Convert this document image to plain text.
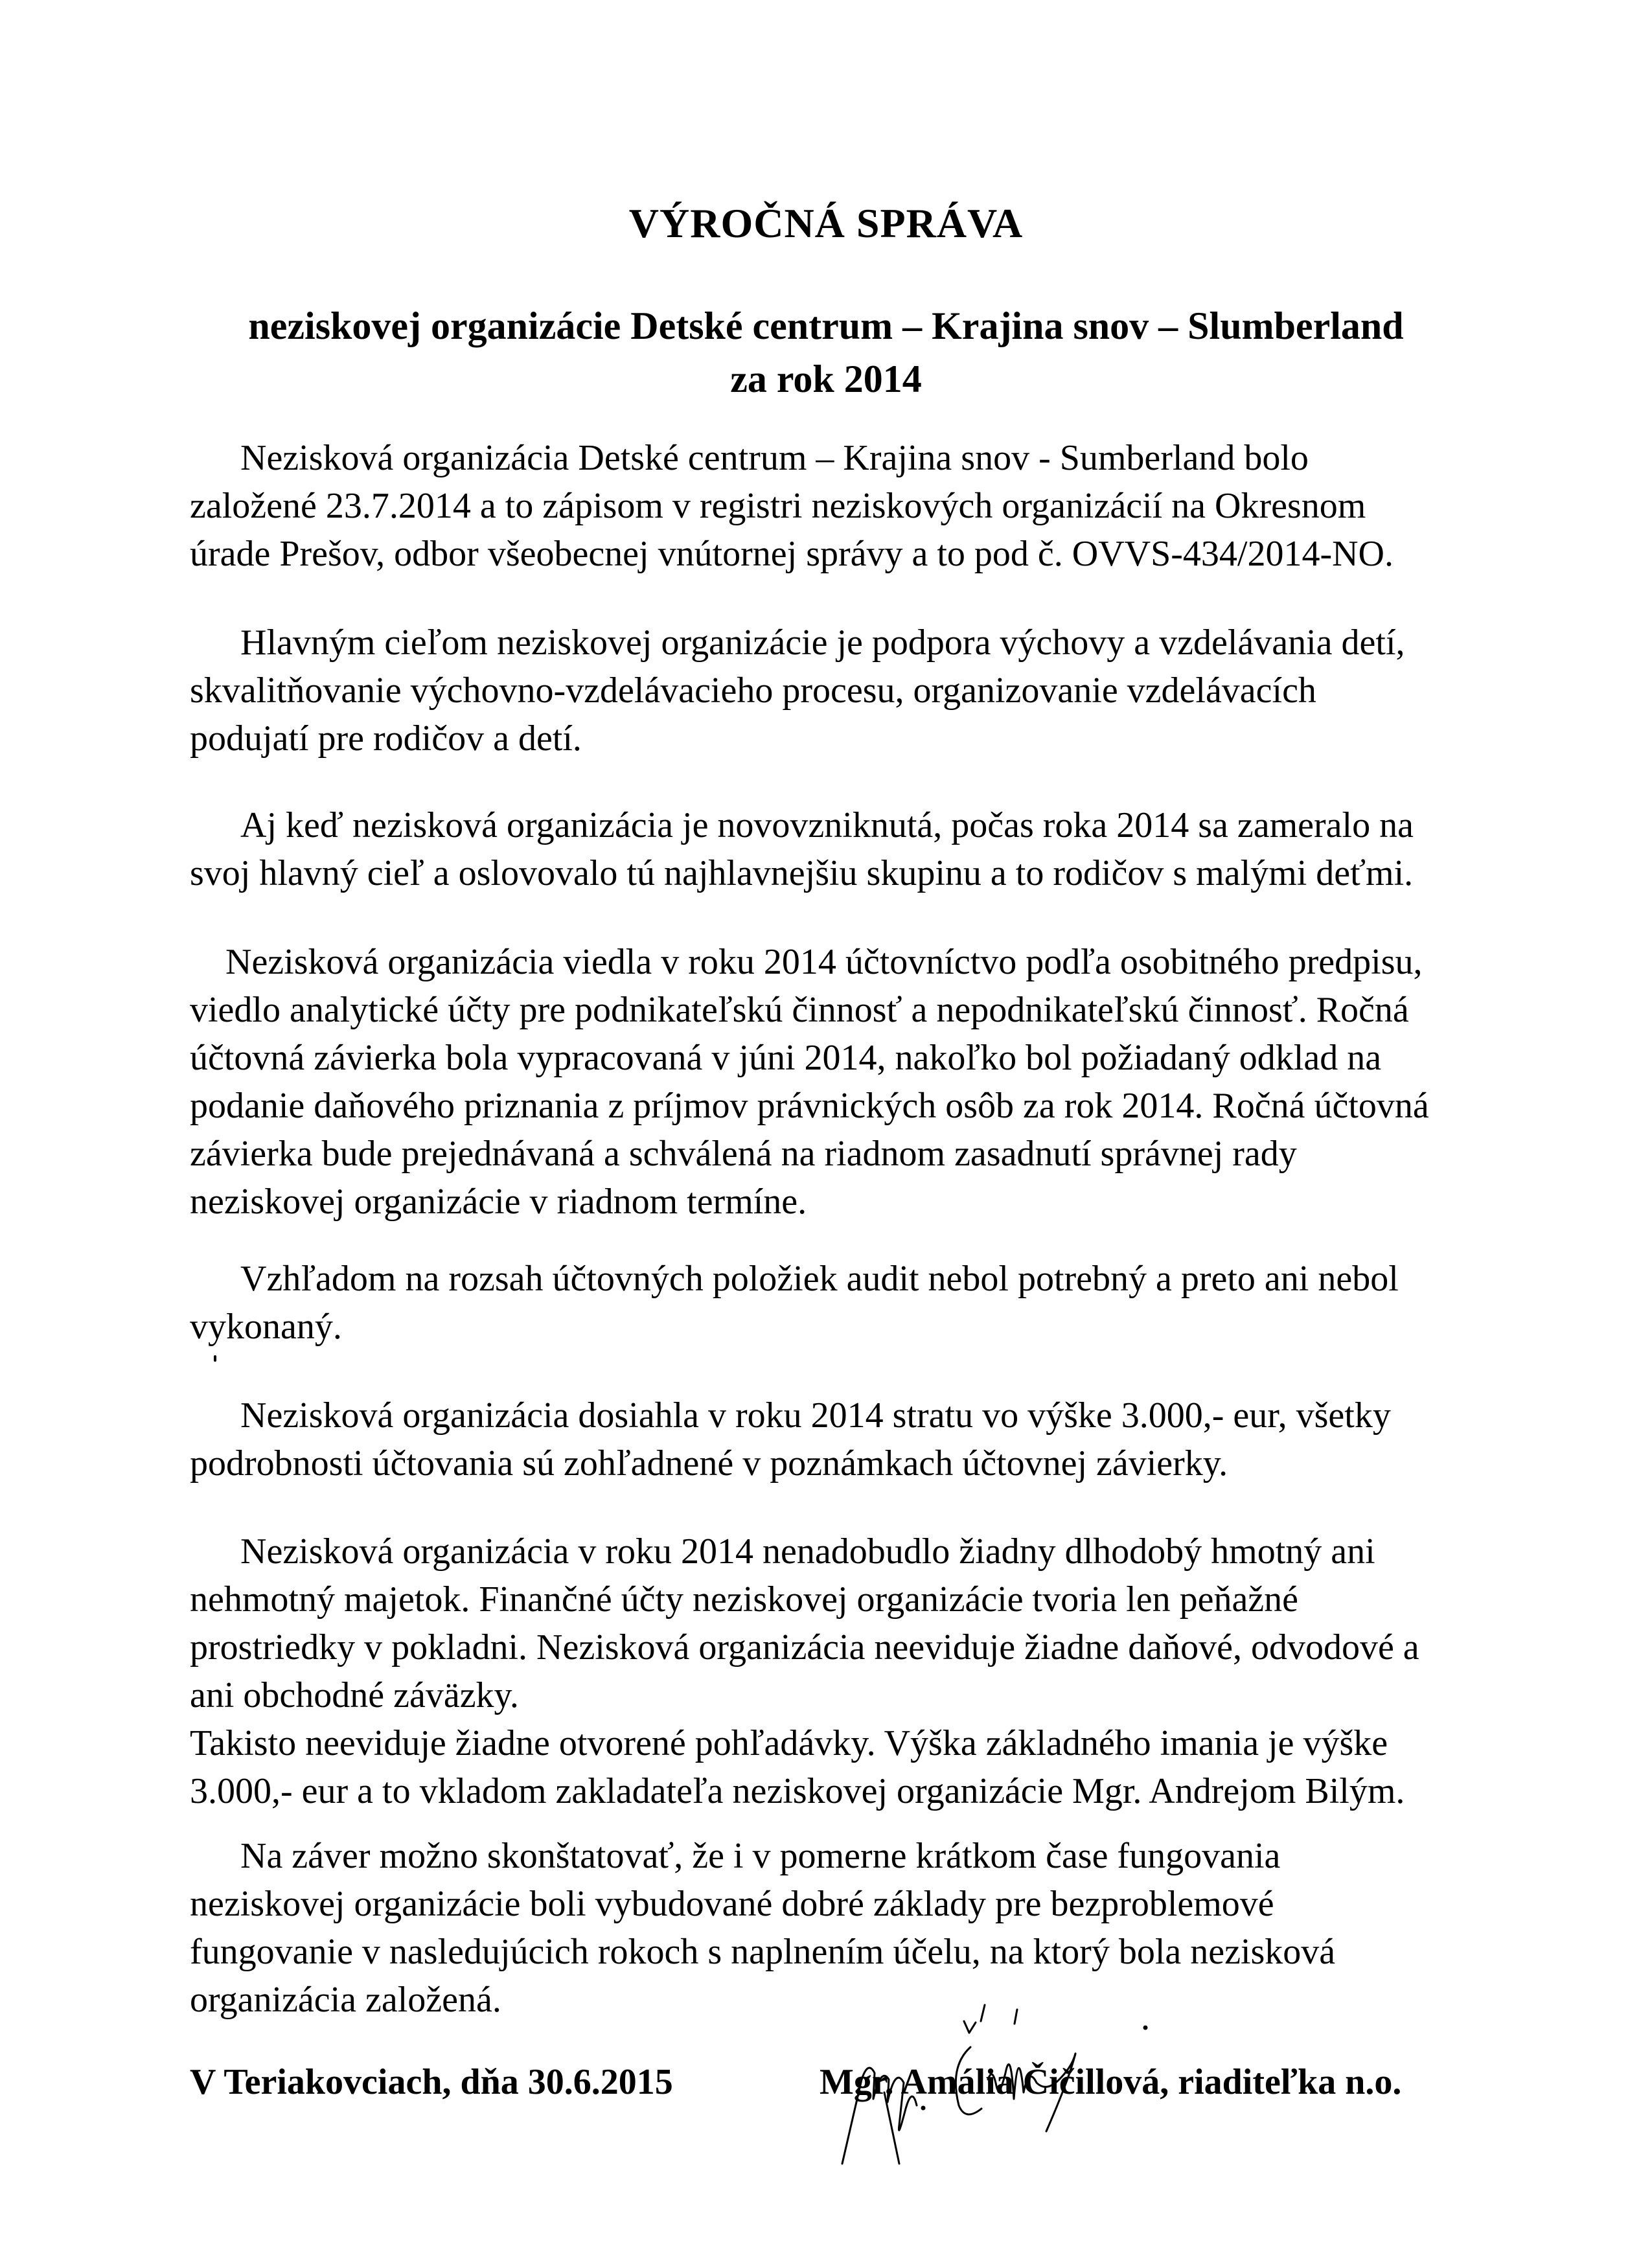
VÝROČNÁ SPRÁVA
neziskovej organizácie Detské centrum – Krajina snov – Slumberland
za rok 2014
Nezisková organizácia Detské centrum – Krajina snov - Sumberland bolo
založené 23.7.2014 a to zápisom v registri neziskových organizácií na Okresnom
úrade Prešov, odbor všeobecnej vnútornej správy a to pod č. OVVS-434/2014-NO.
Hlavným cieľom neziskovej organizácie je podpora výchovy a vzdelávania detí,
skvalitňovanie výchovno-vzdelávacieho procesu, organizovanie vzdelávacích
podujatí pre rodičov a detí.
Aj keď nezisková organizácia je novovzniknutá, počas roka 2014 sa zameralo na
svoj hlavný cieľ a oslovovalo tú najhlavnejšiu skupinu a to rodičov s malými deťmi.
Nezisková organizácia viedla v roku 2014 účtovníctvo podľa osobitného predpisu,
viedlo analytické účty pre podnikateľskú činnosť a nepodnikateľskú činnosť. Ročná
účtovná závierka bola vypracovaná v júni 2014, nakoľko bol požiadaný odklad na
podanie daňového priznania z príjmov právnických osôb za rok 2014. Ročná účtovná
závierka bude prejednávaná a schválená na riadnom zasadnutí správnej rady
neziskovej organizácie v riadnom termíne.
Vzhľadom na rozsah účtovných položiek audit nebol potrebný a preto ani nebol
vykonaný.
Nezisková organizácia dosiahla v roku 2014 stratu vo výške 3.000,- eur, všetky
podrobnosti účtovania sú zohľadnené v poznámkach účtovnej závierky.
Nezisková organizácia v roku 2014 nenadobudlo žiadny dlhodobý hmotný ani
nehmotný majetok. Finančné účty neziskovej organizácie tvoria len peňažné
prostriedky v pokladni. Nezisková organizácia neeviduje žiadne daňové, odvodové a
ani obchodné záväzky.
Takisto neeviduje žiadne otvorené pohľadávky. Výška základného imania je výške
3.000,- eur a to vkladom zakladateľa neziskovej organizácie Mgr. Andrejom Bilým.
Na záver možno skonštatovať, že i v pomerne krátkom čase fungovania
neziskovej organizácie boli vybudované dobré základy pre bezproblemové
fungovanie v nasledujúcich rokoch s naplnením účelu, na ktorý bola nezisková
organizácia založená.
V Teriakovciach, dňa 30.6.2015	Mgr. Amália Čičillová, riaditeľka n.o.
